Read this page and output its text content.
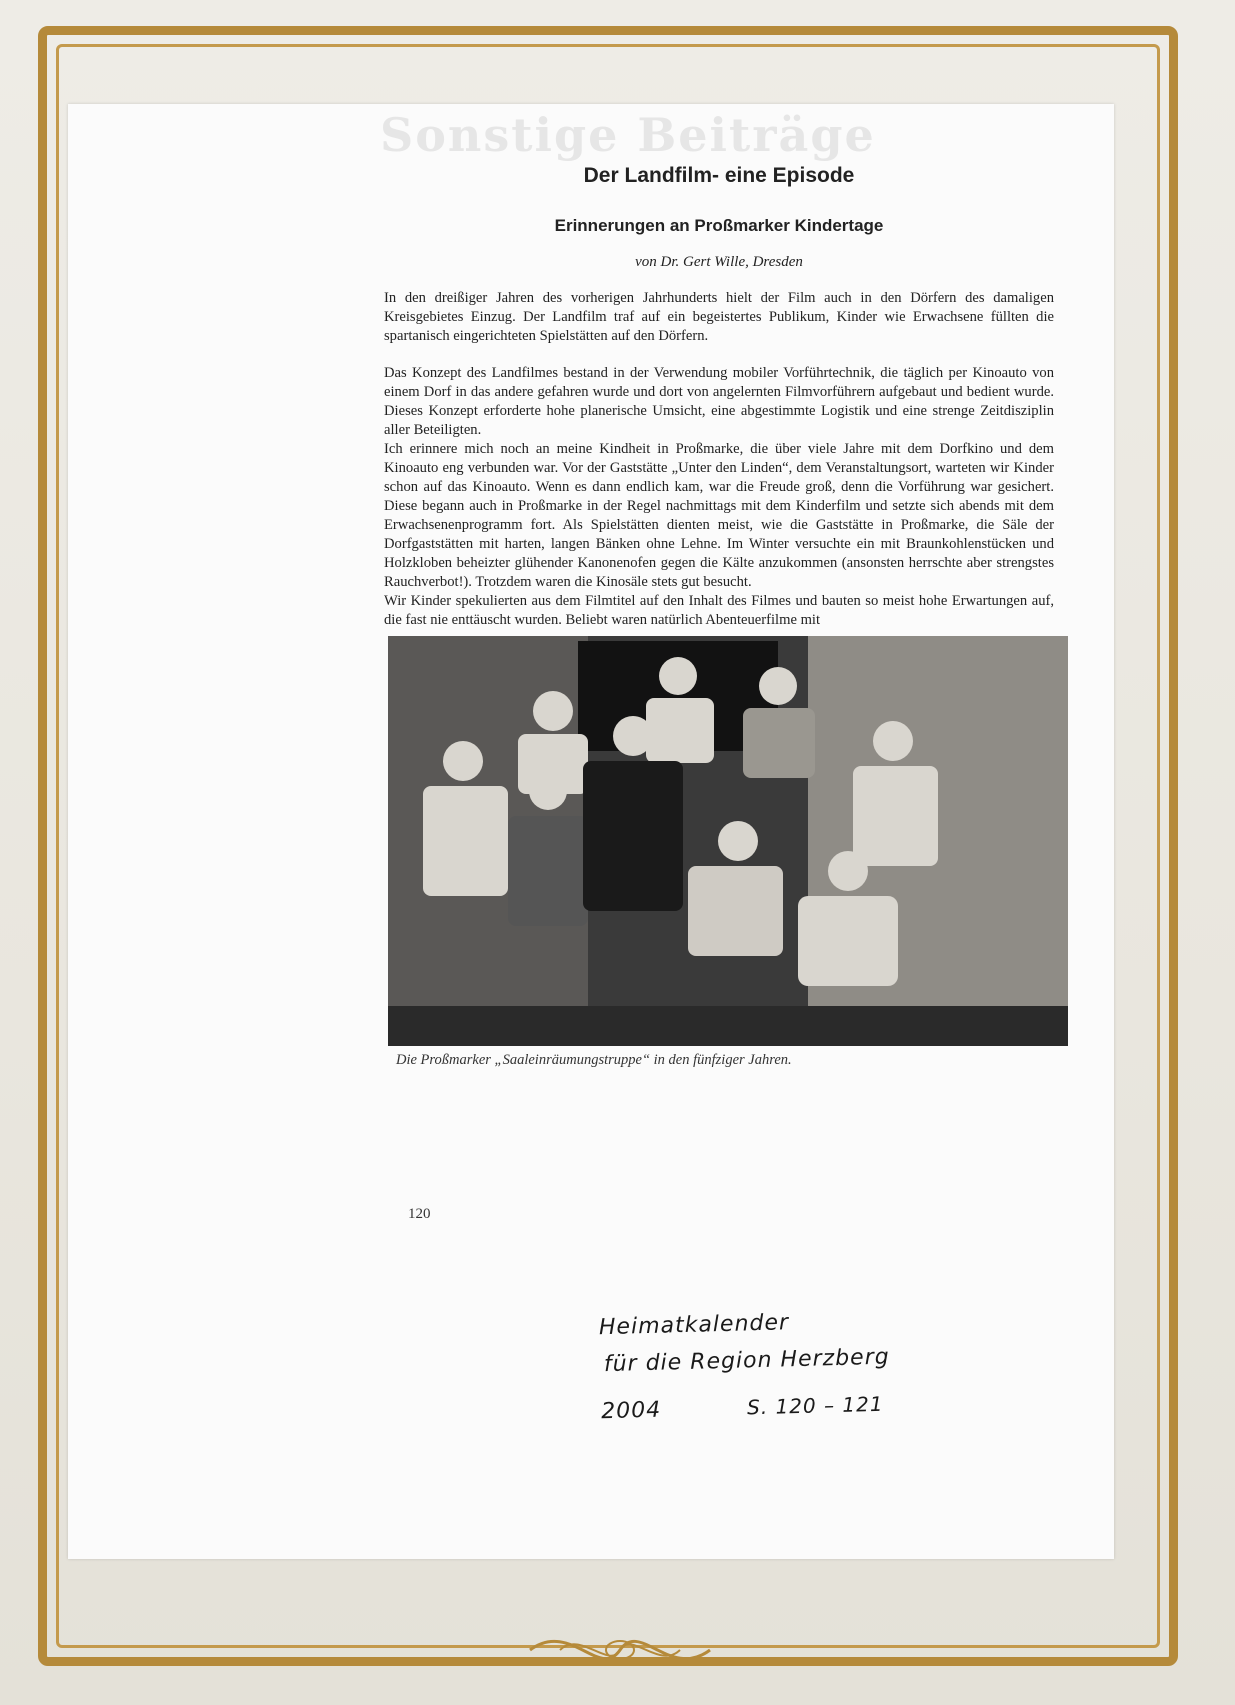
Sonstige Beiträge
Der Landfilm- eine Episode
Erinnerungen an Proßmarker Kindertage

von Dr. Gert Wille, Dresden

In den dreißiger Jahren des vorherigen Jahrhunderts hielt der Film auch in den Dörfern des damaligen Kreisgebietes Einzug. Der Landfilm traf auf ein begeistertes Publikum, Kinder wie Erwachsene füllten die spartanisch eingerichteten Spielstätten auf den Dörfern.

Das Konzept des Landfilmes bestand in der Verwendung mobiler Vorführtechnik, die täglich per Kinoauto von einem Dorf in das andere gefahren wurde und dort von angelernten Filmvorführern aufgebaut und bedient wurde. Dieses Konzept erforderte hohe planerische Umsicht, eine abgestimmte Logistik und eine strenge Zeitdisziplin aller Beteiligten.

Ich erinnere mich noch an meine Kindheit in Proßmarke, die über viele Jahre mit dem Dorfkino und dem Kinoauto eng verbunden war. Vor der Gaststätte „Unter den Linden“, dem Veranstaltungsort, warteten wir Kinder schon auf das Kinoauto. Wenn es dann endlich kam, war die Freude groß, denn die Vorführung war gesichert. Diese begann auch in Proßmarke in der Regel nachmittags mit dem Kinderfilm und setzte sich abends mit dem Erwachsenenprogramm fort. Als Spielstätten dienten meist, wie die Gaststätte in Proßmarke, die Säle der Dorfgaststätten mit harten, langen Bänken ohne Lehne. Im Winter versuchte ein mit Braunkohlenstücken und Holzkloben beheizter glühender Kanonenofen gegen die Kälte anzukommen (ansonsten herrschte aber strengstes Rauchverbot!). Trotzdem waren die Kinosäle stets gut besucht.

Wir Kinder spekulierten aus dem Filmtitel auf den Inhalt des Filmes und bauten so meist hohe Erwartungen auf, die fast nie enttäuscht wurden. Beliebt waren natürlich Abenteuerfilme mit

Die Proßmarker „Saaleinräumungstruppe“ in den fünfziger Jahren.

120
Heimatkalender
für die Region Herzberg
2004	S. 120 – 121
